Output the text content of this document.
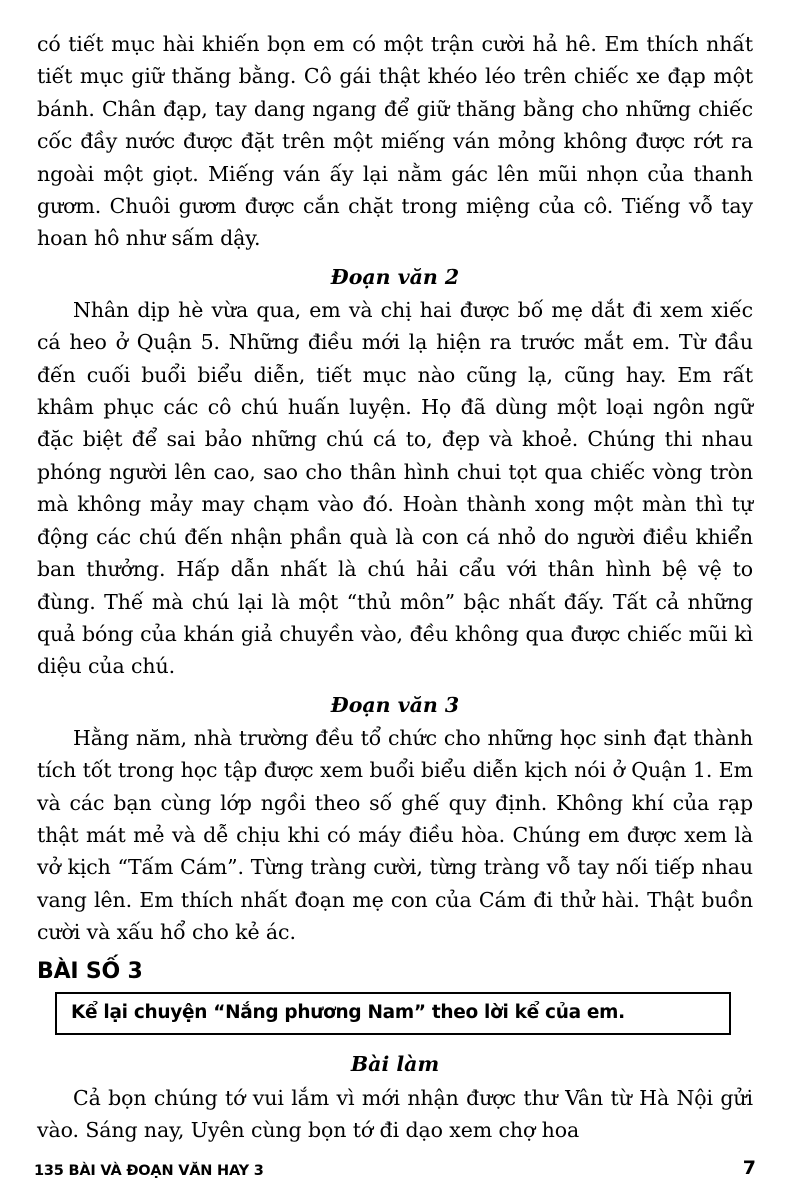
có tiết mục hài khiến bọn em có một trận cười hả hê. Em thích nhất tiết mục giữ thăng bằng. Cô gái thật khéo léo trên chiếc xe đạp một bánh. Chân đạp, tay dang ngang để giữ thăng bằng cho những chiếc cốc đầy nước được đặt trên một miếng ván mỏng không được rớt ra ngoài một giọt. Miếng ván ấy lại nằm gác lên mũi nhọn của thanh gươm. Chuôi gươm được cắn chặt trong miệng của cô. Tiếng vỗ tay hoan hô như sấm dậy.

Đoạn văn 2

Nhân dịp hè vừa qua, em và chị hai được bố mẹ dắt đi xem xiếc cá heo ở Quận 5. Những điều mới lạ hiện ra trước mắt em. Từ đầu đến cuối buổi biểu diễn, tiết mục nào cũng lạ, cũng hay. Em rất khâm phục các cô chú huấn luyện. Họ đã dùng một loại ngôn ngữ đặc biệt để sai bảo những chú cá to, đẹp và khoẻ. Chúng thi nhau phóng người lên cao, sao cho thân hình chui tọt qua chiếc vòng tròn mà không mảy may chạm vào đó. Hoàn thành xong một màn thì tự động các chú đến nhận phần quà là con cá nhỏ do người điều khiển ban thưởng. Hấp dẫn nhất là chú hải cẩu với thân hình bệ vệ to đùng. Thế mà chú lại là một “thủ môn” bậc nhất đấy. Tất cả những quả bóng của khán giả chuyền vào, đều không qua được chiếc mũi kì diệu của chú.

Đoạn văn 3

Hằng năm, nhà trường đều tổ chức cho những học sinh đạt thành tích tốt trong học tập được xem buổi biểu diễn kịch nói ở Quận 1. Em và các bạn cùng lớp ngồi theo số ghế quy định. Không khí của rạp thật mát mẻ và dễ chịu khi có máy điều hòa. Chúng em được xem là vở kịch “Tấm Cám”. Từng tràng cười, từng tràng vỗ tay nối tiếp nhau vang lên. Em thích nhất đoạn mẹ con của Cám đi thử hài. Thật buồn cười và xấu hổ cho kẻ ác.

BÀI SỐ 3
Kể lại chuyện “Nắng phương Nam” theo lời kể của em.
Bài làm

Cả bọn chúng tớ vui lắm vì mới nhận được thư Vân từ Hà Nội gửi vào. Sáng nay, Uyên cùng bọn tớ đi dạo xem chợ hoa

135 BÀI VÀ ĐOẠN VĂN HAY 3	7
